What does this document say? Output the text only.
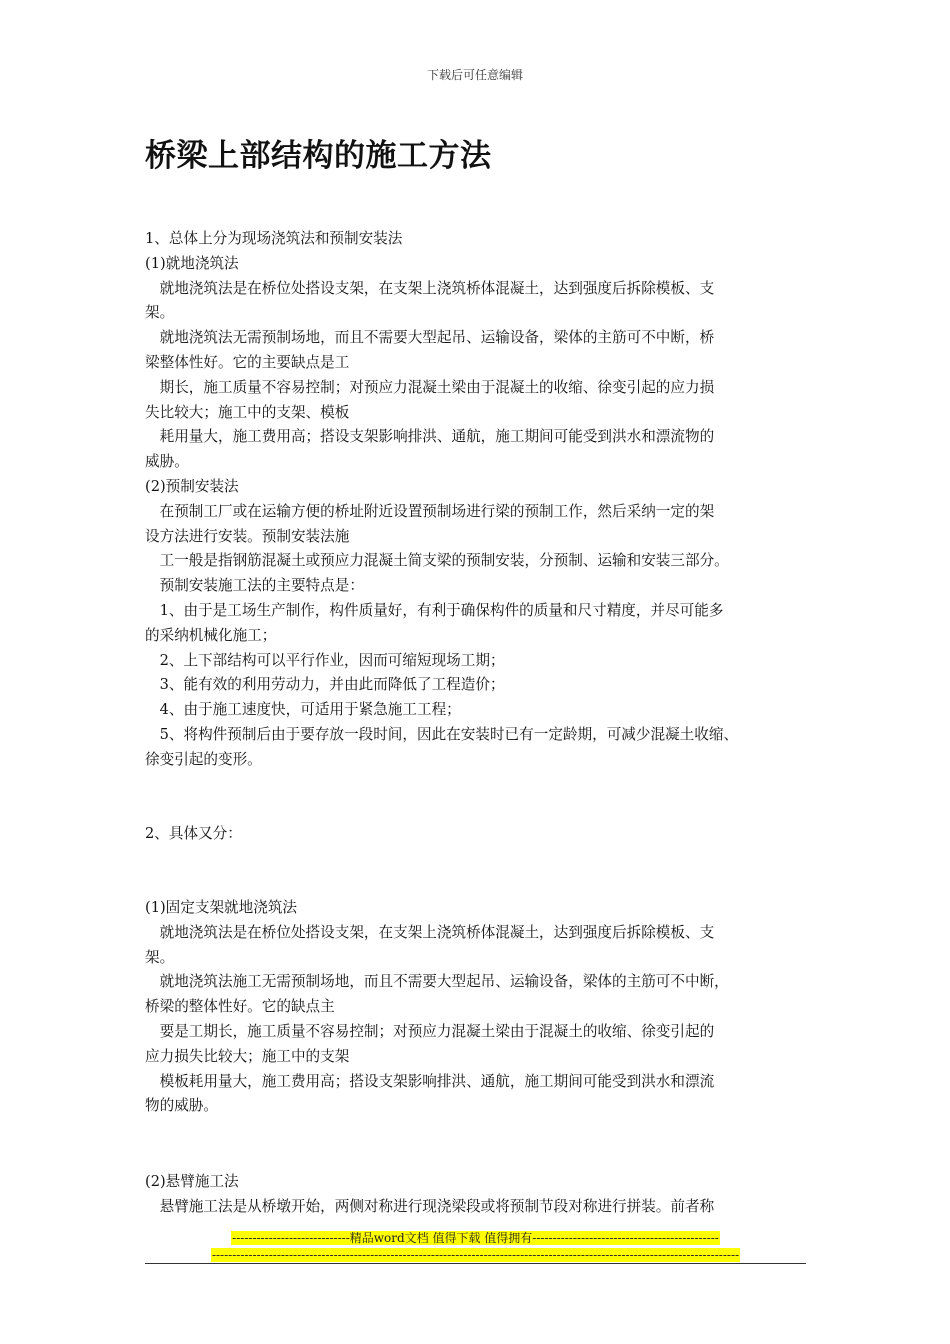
下载后可任意编辑
桥梁上部结构的施工方法
1、总体上分为现场浇筑法和预制安装法
(1)就地浇筑法
　就地浇筑法是在桥位处搭设支架，在支架上浇筑桥体混凝土，达到强度后拆除模板、支
架。
　就地浇筑法无需预制场地，而且不需要大型起吊、运输设备，梁体的主筋可不中断，桥
梁整体性好。它的主要缺点是工
　期长，施工质量不容易控制；对预应力混凝土梁由于混凝土的收缩、徐变引起的应力损
失比较大；施工中的支架、模板
　耗用量大，施工费用高；搭设支架影响排洪、通航，施工期间可能受到洪水和漂流物的
威胁。
(2)预制安装法
　在预制工厂或在运输方便的桥址附近设置预制场进行梁的预制工作，然后采纳一定的架
设方法进行安装。预制安装法施
　工一般是指钢筋混凝土或预应力混凝土简支梁的预制安装，分预制、运输和安装三部分。
　预制安装施工法的主要特点是：
　1、由于是工场生产制作，构件质量好，有利于确保构件的质量和尺寸精度，并尽可能多
的采纳机械化施工；
　2、上下部结构可以平行作业，因而可缩短现场工期；
　3、能有效的利用劳动力，并由此而降低了工程造价；
　4、由于施工速度快，可适用于紧急施工工程；
　5、将构件预制后由于要存放一段时间，因此在安装时已有一定龄期，可减少混凝土收缩、
徐变引起的变形。
2、具体又分：
(1)固定支架就地浇筑法
　就地浇筑法是在桥位处搭设支架，在支架上浇筑桥体混凝土，达到强度后拆除模板、支
架。
　就地浇筑法施工无需预制场地，而且不需要大型起吊、运输设备，梁体的主筋可不中断，
桥梁的整体性好。它的缺点主
　要是工期长，施工质量不容易控制；对预应力混凝土梁由于混凝土的收缩、徐变引起的
应力损失比较大；施工中的支架
　模板耗用量大，施工费用高；搭设支架影响排洪、通航，施工期间可能受到洪水和漂流
物的威胁。
(2)悬臂施工法
　悬臂施工法是从桥墩开始，两侧对称进行现浇梁段或将预制节段对称进行拼装。前者称
-----------------------------精品word文档 值得下载 值得拥有----------------------------------------------
----------------------------------------------------------------------------------------------------------------------------------
